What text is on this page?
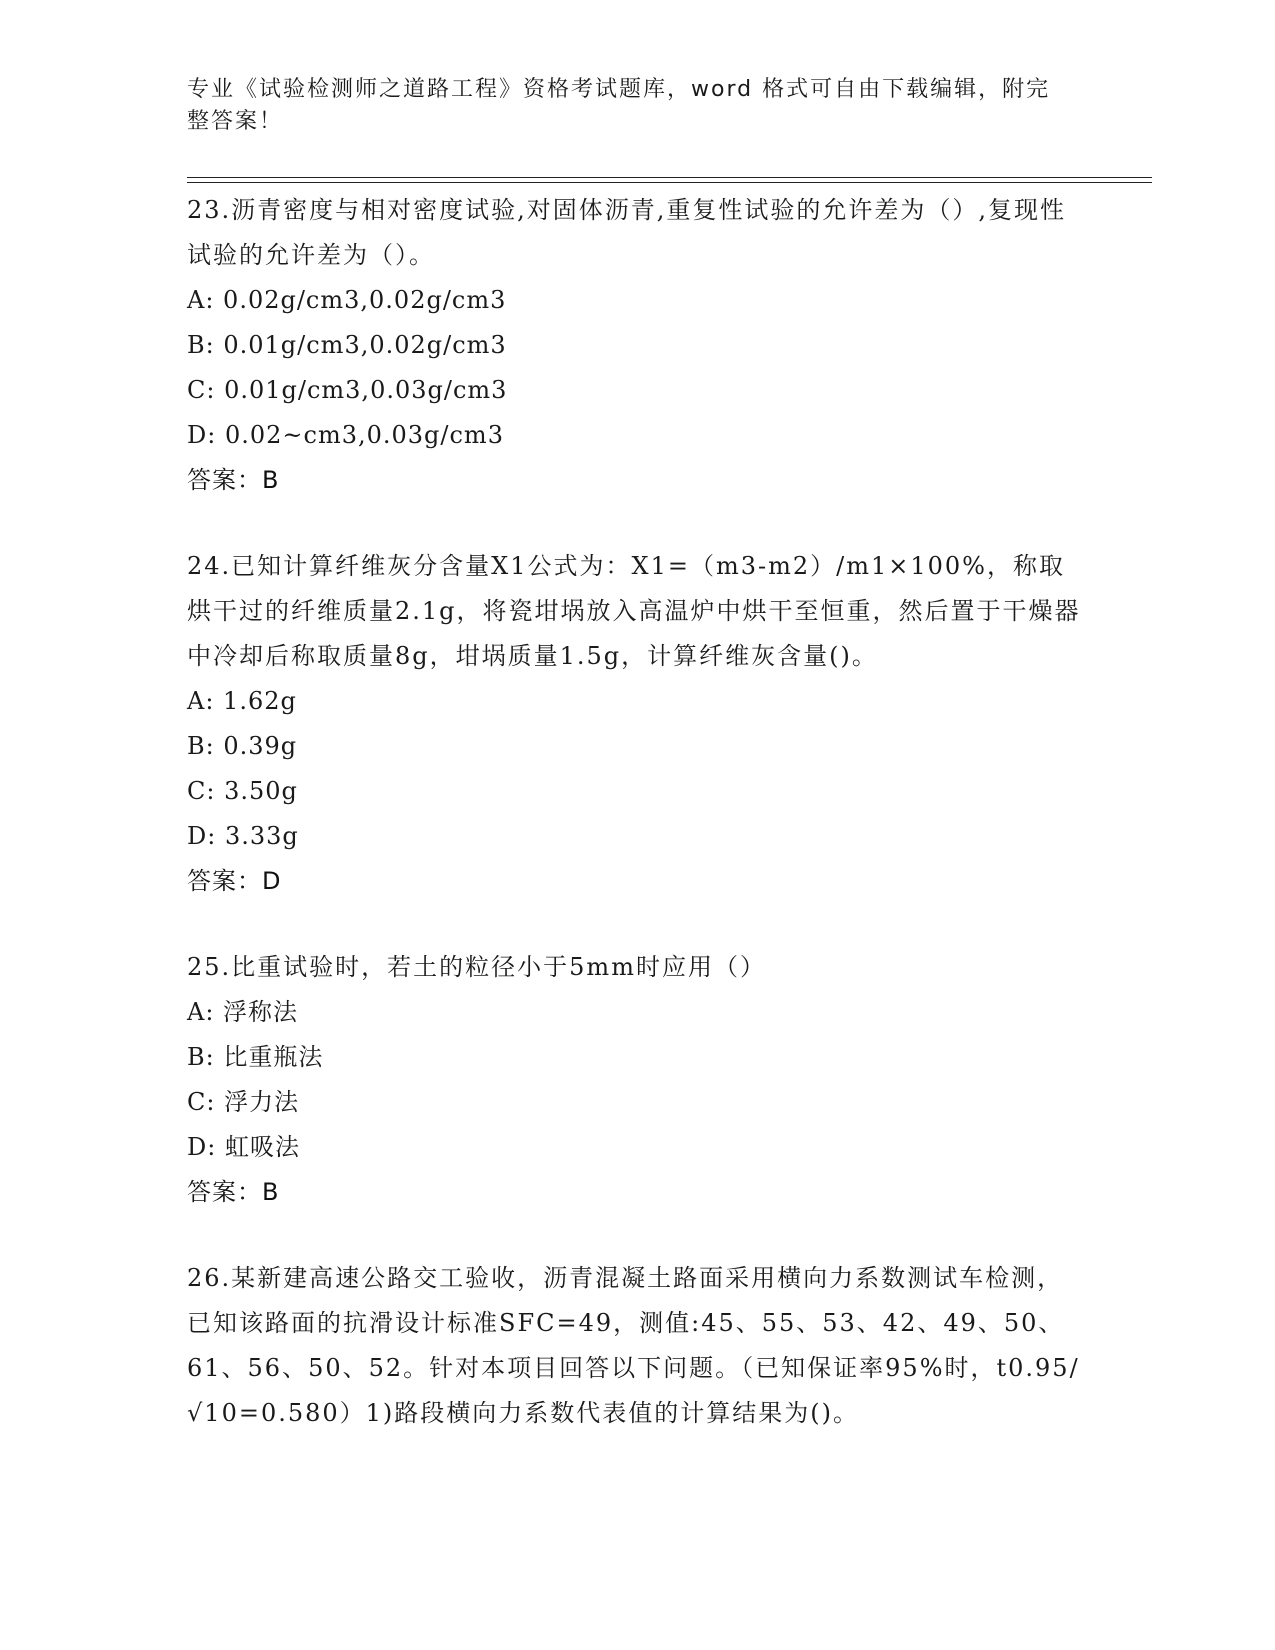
专业《试验检测师之道路工程》资格考试题库，word 格式可自由下载编辑，附完整答案！

23.沥青密度与相对密度试验,对固体沥青,重复性试验的允许差为（）,复现性试验的允许差为（）。

A: 0.02g/cm3,0.02g/cm3

B: 0.01g/cm3,0.02g/cm3

C: 0.01g/cm3,0.03g/cm3

D: 0.02~cm3,0.03g/cm3

答案：B

24.已知计算纤维灰分含量X1公式为：X1=（m3-m2）/m1×100%，称取烘干过的纤维质量2.1g，将瓷坩埚放入高温炉中烘干至恒重，然后置于干燥器中冷却后称取质量8g，坩埚质量1.5g，计算纤维灰含量()。

A: 1.62g

B: 0.39g

C: 3.50g

D: 3.33g

答案：D

25.比重试验时，若土的粒径小于5mm时应用（）

A: 浮称法

B: 比重瓶法

C: 浮力法

D: 虹吸法

答案：B

26.某新建高速公路交工验收，沥青混凝土路面采用横向力系数测试车检测，已知该路面的抗滑设计标准SFC=49，测值:45、55、53、42、49、50、61、56、50、52。针对本项目回答以下问题。（已知保证率95%时，t0.95/√10=0.580）1)路段横向力系数代表值的计算结果为()。
